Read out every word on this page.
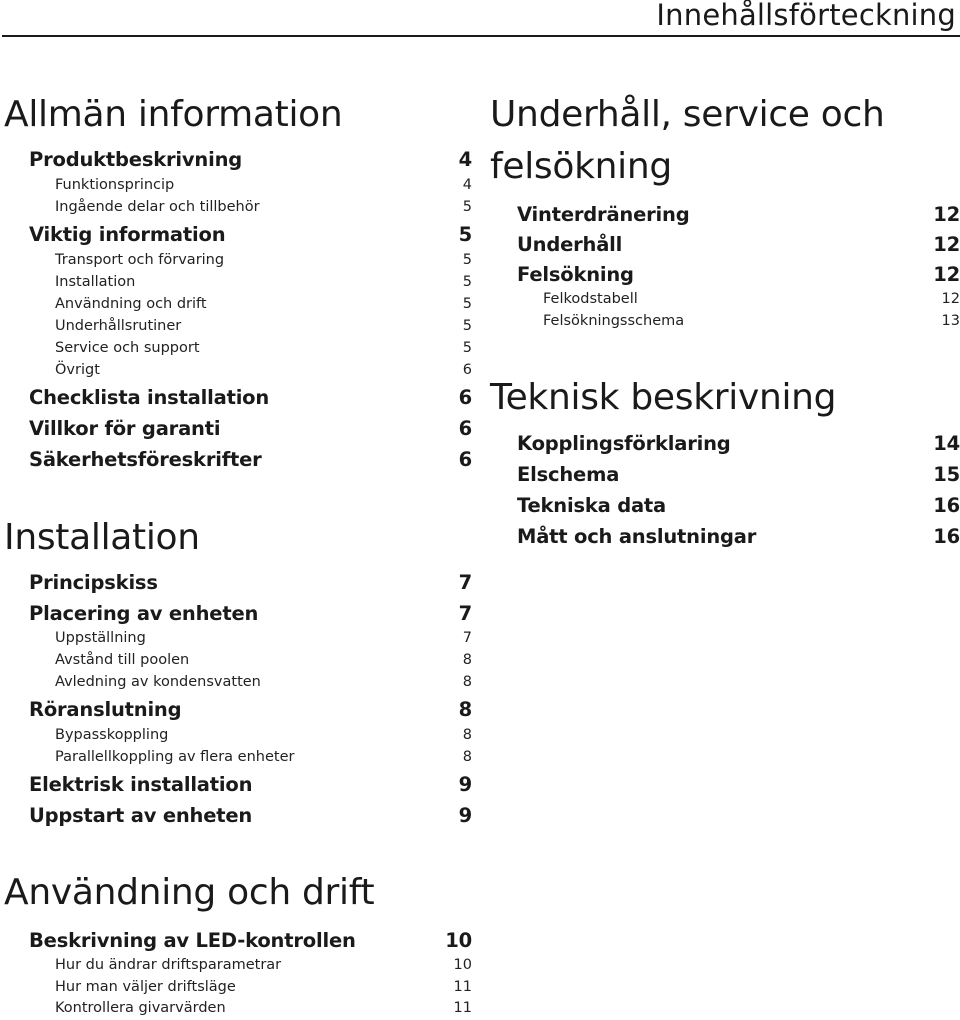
Innehållsförteckning
Allmän information
Produktbeskrivning	4
Funktionsprincip	4
Ingående delar och tillbehör	5
Viktig information	5
Transport och förvaring	5
Installation	5
Användning och drift	5
Underhållsrutiner	5
Service och support	5
Övrigt	6
Checklista installation	6
Villkor för garanti	6
Säkerhetsföreskrifter	6
Installation
Principskiss	7
Placering av enheten	7
Uppställning	7
Avstånd till poolen	8
Avledning av kondensvatten	8
Röranslutning	8
Bypasskoppling	8
Parallellkoppling av flera enheter	8
Elektrisk installation	9
Uppstart av enheten	9
Användning och drift
Beskrivning av LED-kontrollen	10
Hur du ändrar driftsparametrar	10
Hur man väljer driftsläge	11
Kontrollera givarvärden	11
Underhåll, service och
felsökning
Vinterdränering	12
Underhåll	12
Felsökning	12
Felkodstabell	12
Felsökningsschema	13
Teknisk beskrivning
Kopplingsförklaring	14
Elschema	15
Tekniska data	16
Mått och anslutningar	16
